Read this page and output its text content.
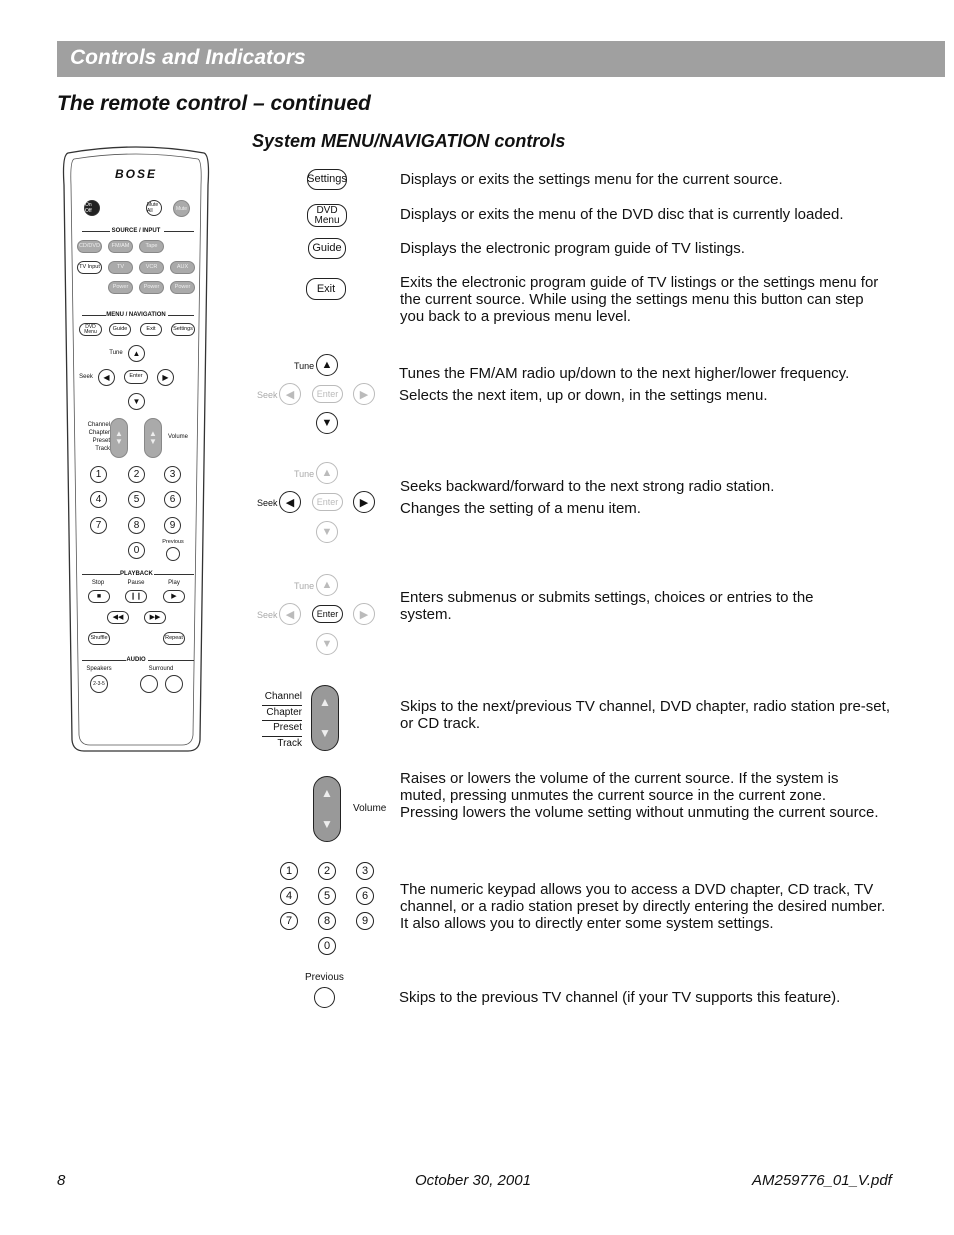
Controls and Indicators
The remote control – continued
System MENU/NAVIGATION controls
BOSE
On Off
Mute All	Mute
SOURCE / INPUT
CD/DVD	FM/AM	Tape
TV Input	TV	VCR	AUX
Power	Power	Power
MENU / NAVIGATION
DVD Menu	Guide	Exit	Settings
Tune	▲
Seek	◀	Enter	▶
▼
Channel
Chapter
Preset
Track
▲
▼
▲
▼	Volume
1	2	3
4	5	6
7	8	9
0
Previous
PLAYBACK
Stop	Pause	Play
■	❙❙	▶
◀◀	▶▶
Shuffle	Repeat
AUDIO
Speakers	Surround
2-3-5
Settings	Displays or exits the settings menu for the current source.
DVD
Menu	Displays or exits the menu of the DVD disc that is currently loaded.
Guide	Displays the electronic program guide of TV listings.
Exit	Exits the electronic program guide of TV listings or the settings menu for the current source. While using the settings menu this button can step you back to a previous menu level.
Tune ▲
Seek ◀	Enter	▶
▼
Tunes the FM/AM radio up/down to the next higher/lower frequency.
Selects the next item, up or down, in the settings menu.
Tune ▲
Seek ◀	Enter	▶
▼
Seeks backward/forward to the next strong radio station.
Changes the setting of a menu item.
Tune ▲
Seek ◀	Enter	▶
▼
Enters submenus or submits settings, choices or entries to the system.
Channel
Chapter
Preset
Track
▲
▼
Skips to the next/previous TV channel, DVD chapter, radio station pre-set, or CD track.
▲
▼
Volume
Raises or lowers the volume of the current source. If the system is muted, pressing unmutes the current source in the current zone. Pressing lowers the volume setting without unmuting the current source.
1	2	3
4	5	6
7	8	9
0
The numeric keypad allows you to access a DVD chapter, CD track, TV channel, or a radio station preset by directly entering the desired number. It also allows you to directly enter some system settings.
Previous
Skips to the previous TV channel (if your TV supports this feature).
8	October 30, 2001	AM259776_01_V.pdf
